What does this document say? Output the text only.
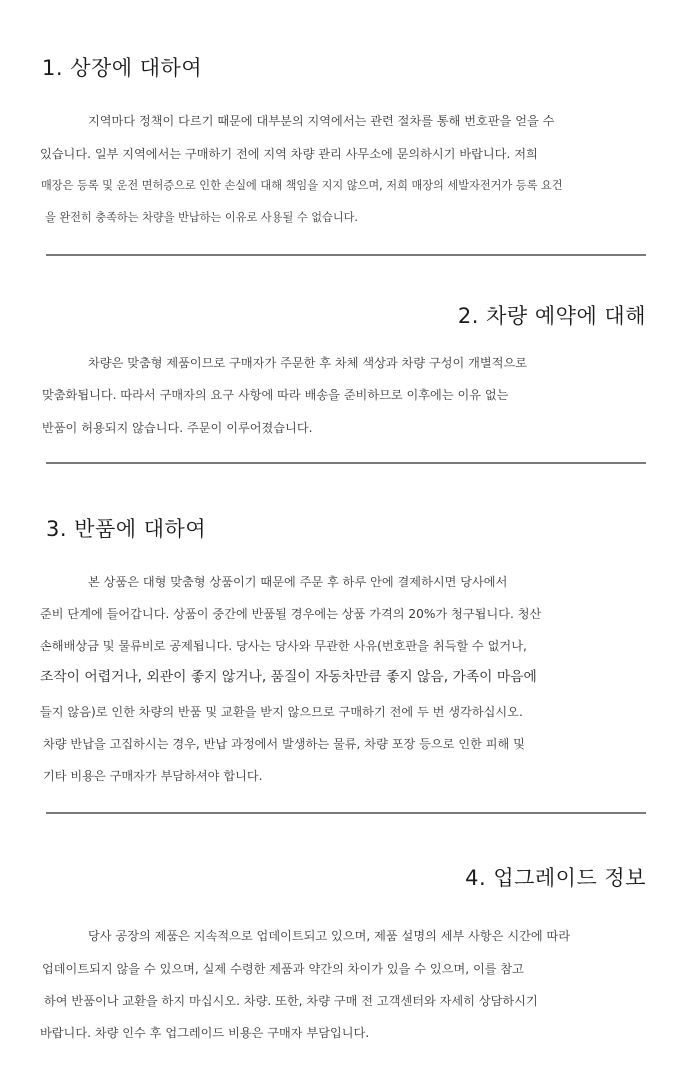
1. 상장에 대하여

지역마다 정책이 다르기 때문에 대부분의 지역에서는 관련 절차를 통해 번호판을 얻을 수

있습니다. 일부 지역에서는 구매하기 전에 지역 차량 관리 사무소에 문의하시기 바랍니다. 저희

매장은 등록 및 운전 면허증으로 인한 손실에 대해 책임을 지지 않으며, 저희 매장의 세발자전거가 등록 요건

을 완전히 충족하는 차량을 반납하는 이유로 사용될 수 없습니다.

2. 차량 예약에 대해

차량은 맞춤형 제품이므로 구매자가 주문한 후 차체 색상과 차량 구성이 개별적으로

맞춤화됩니다. 따라서 구매자의 요구 사항에 따라 배송을 준비하므로 이후에는 이유 없는

반품이 허용되지 않습니다. 주문이 이루어졌습니다.

3. 반품에 대하여

본 상품은 대형 맞춤형 상품이기 때문에 주문 후 하루 안에 결제하시면 당사에서

준비 단계에 들어갑니다. 상품이 중간에 반품될 경우에는 상품 가격의 20%가 청구됩니다. 청산

손해배상금 및 물류비로 공제됩니다. 당사는 당사와 무관한 사유(번호판을 취득할 수 없거나,

조작이 어렵거나, 외관이 좋지 않거나, 품질이 자동차만큼 좋지 않음, 가족이 마음에

들지 않음)로 인한 차량의 반품 및 교환을 받지 않으므로 구매하기 전에 두 번 생각하십시오.

차량 반납을 고집하시는 경우, 반납 과정에서 발생하는 물류, 차량 포장 등으로 인한 피해 및

기타 비용은 구매자가 부담하셔야 합니다.

4. 업그레이드 정보

당사 공장의 제품은 지속적으로 업데이트되고 있으며, 제품 설명의 세부 사항은 시간에 따라

업데이트되지 않을 수 있으며, 실제 수령한 제품과 약간의 차이가 있을 수 있으며, 이를 참고

하여 반품이나 교환을 하지 마십시오. 차량. 또한, 차량 구매 전 고객센터와 자세히 상담하시기

바랍니다. 차량 인수 후 업그레이드 비용은 구매자 부담입니다.
